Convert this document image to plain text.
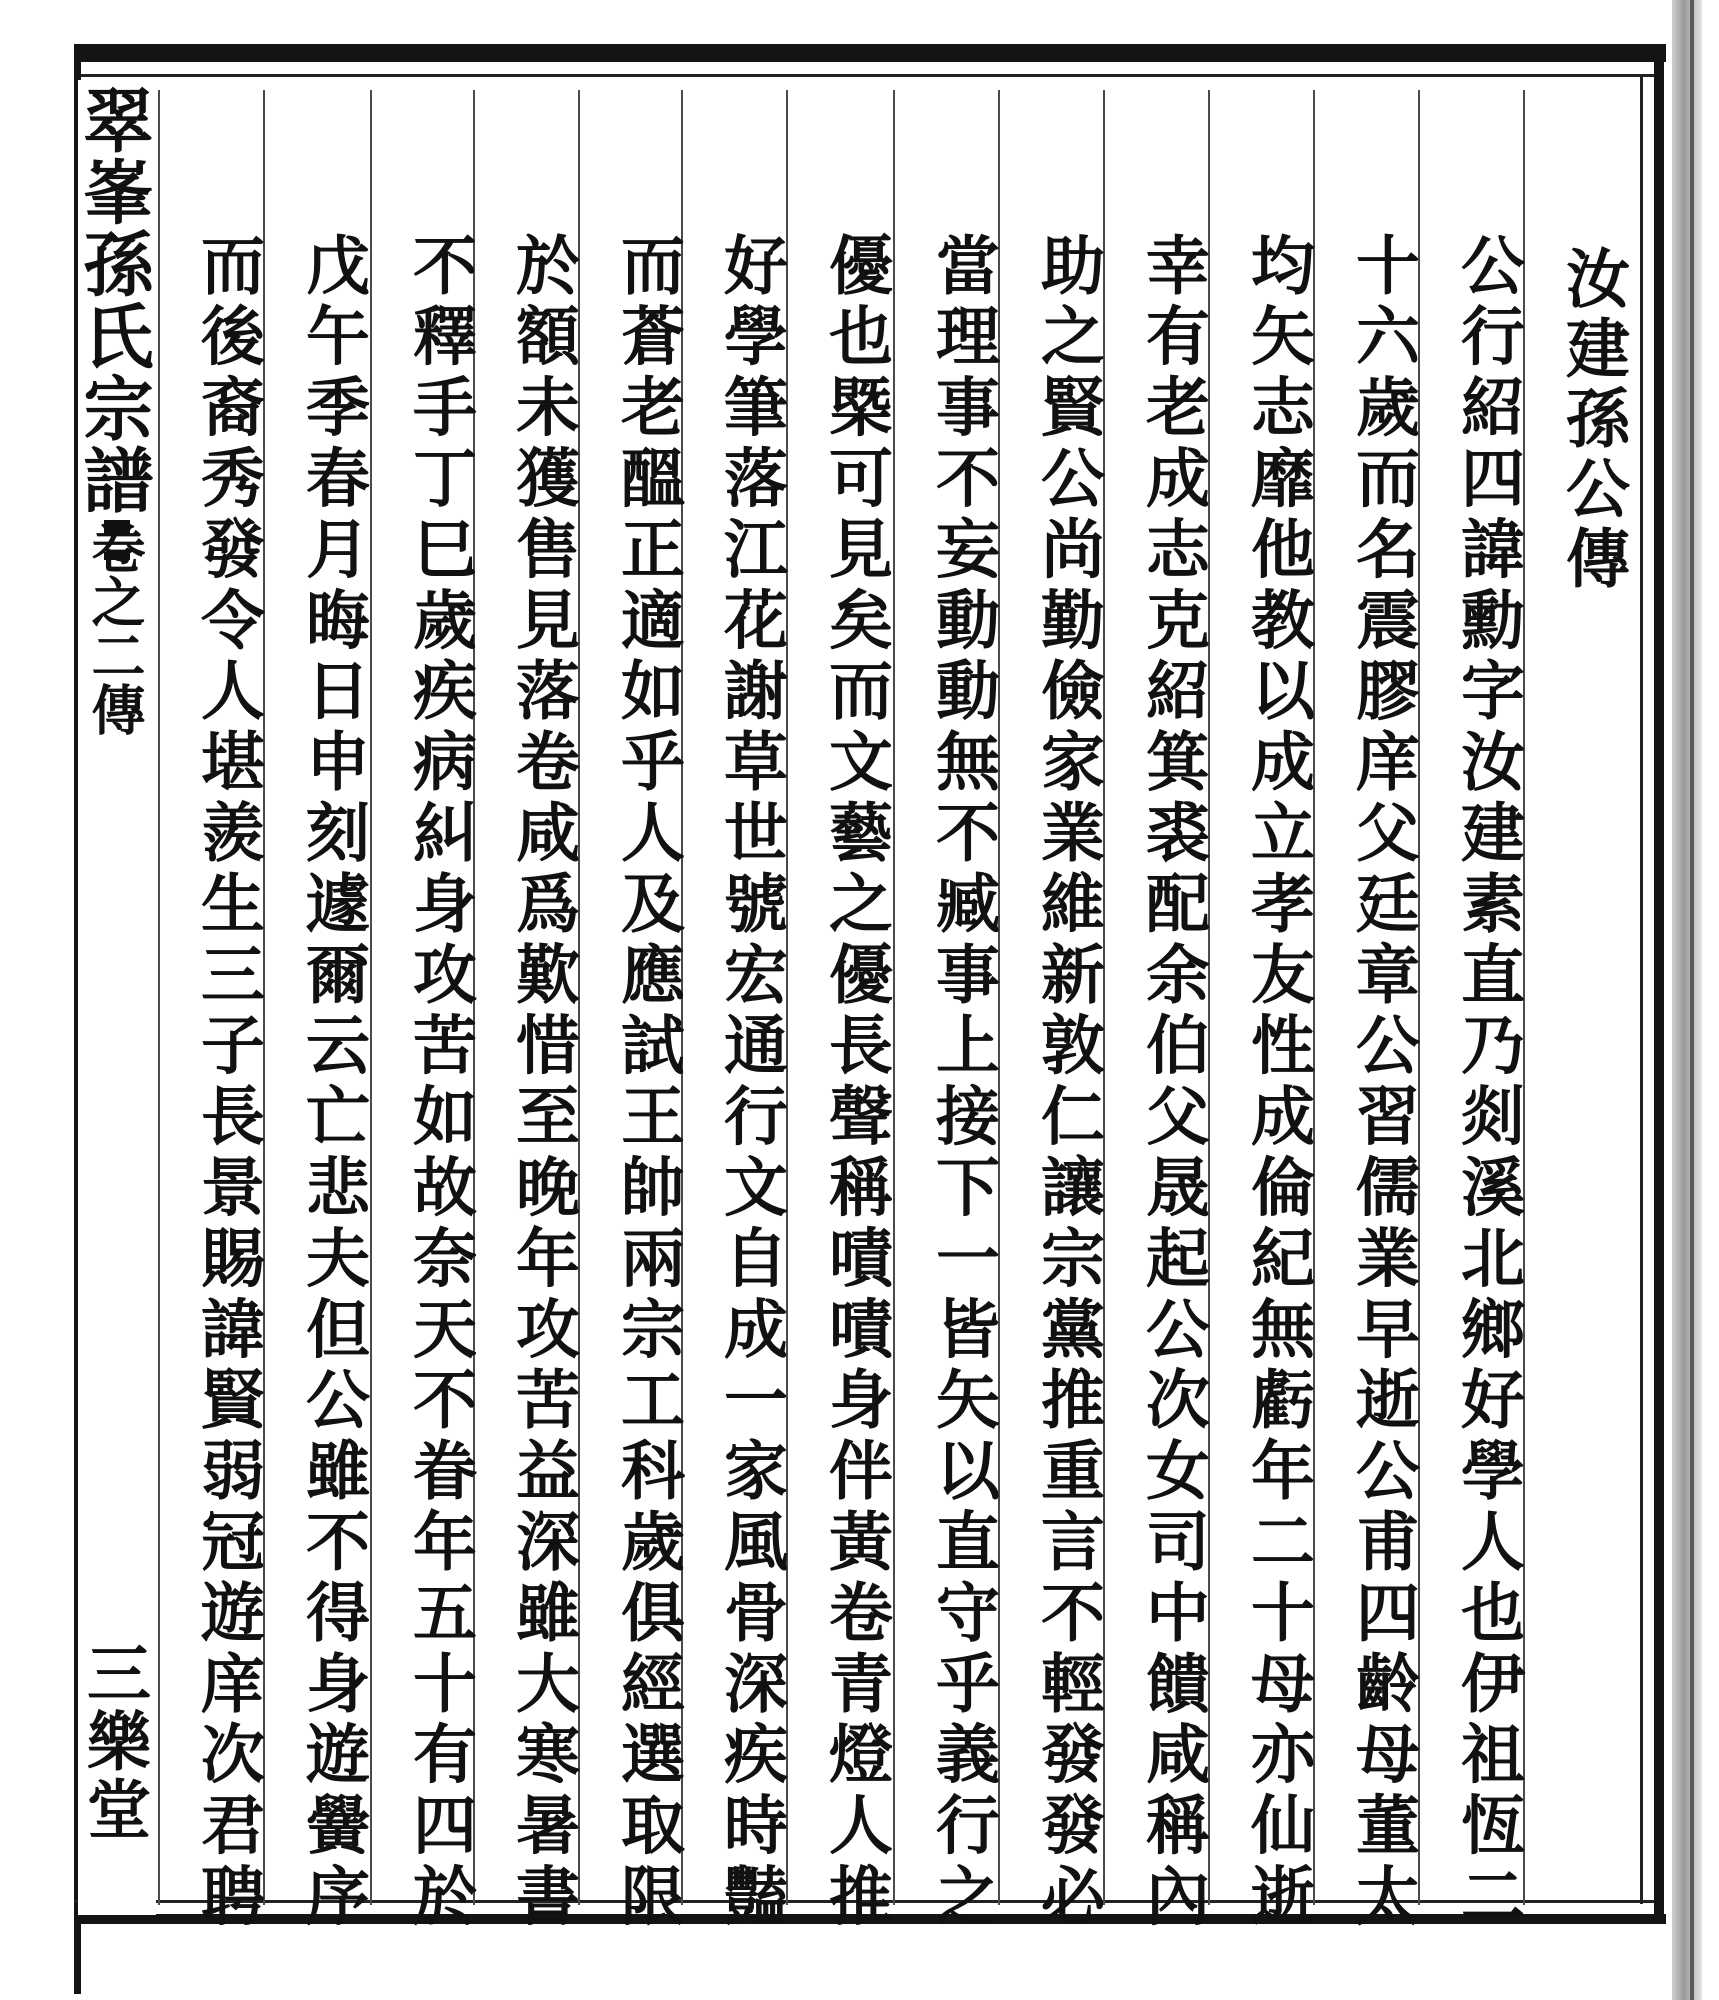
翠峯孫氏宗譜
卷之二傳
三樂堂
汝建孫公傳
公行紹四諱勳字汝建素直乃剡溪北鄉好學人也伊祖恆二
十六歲而名震膠庠父廷章公習儒業早逝公甫四齡母董太
均矢志靡他教以成立孝友性成倫紀無虧年二十母亦仙逝
幸有老成志克紹箕裘配余伯父晟起公次女司中饋咸稱內
助之賢公尚勤儉家業維新敦仁讓宗黨推重言不輕發發必
當理事不妄動動無不臧事上接下一皆矢以直守乎義行之
優也槩可見矣而文藝之優長聲稱嘖嘖身伴黃卷青燈人推
好學筆落江花謝草世號宏通行文自成一家風骨深疾時豔
而蒼老醞正適如乎人及應試王帥兩宗工科歲俱經選取限
於額未獲售見落卷咸爲歎惜至晚年攻苦益深雖大寒暑書
不釋手丁巳歲疾病糾身攻苦如故奈天不眷年五十有四於
戊午季春月晦日申刻遽爾云亡悲夫但公雖不得身遊黌序
而後裔秀發令人堪羨生三子長景賜諱賢弱冠遊庠次君聘
